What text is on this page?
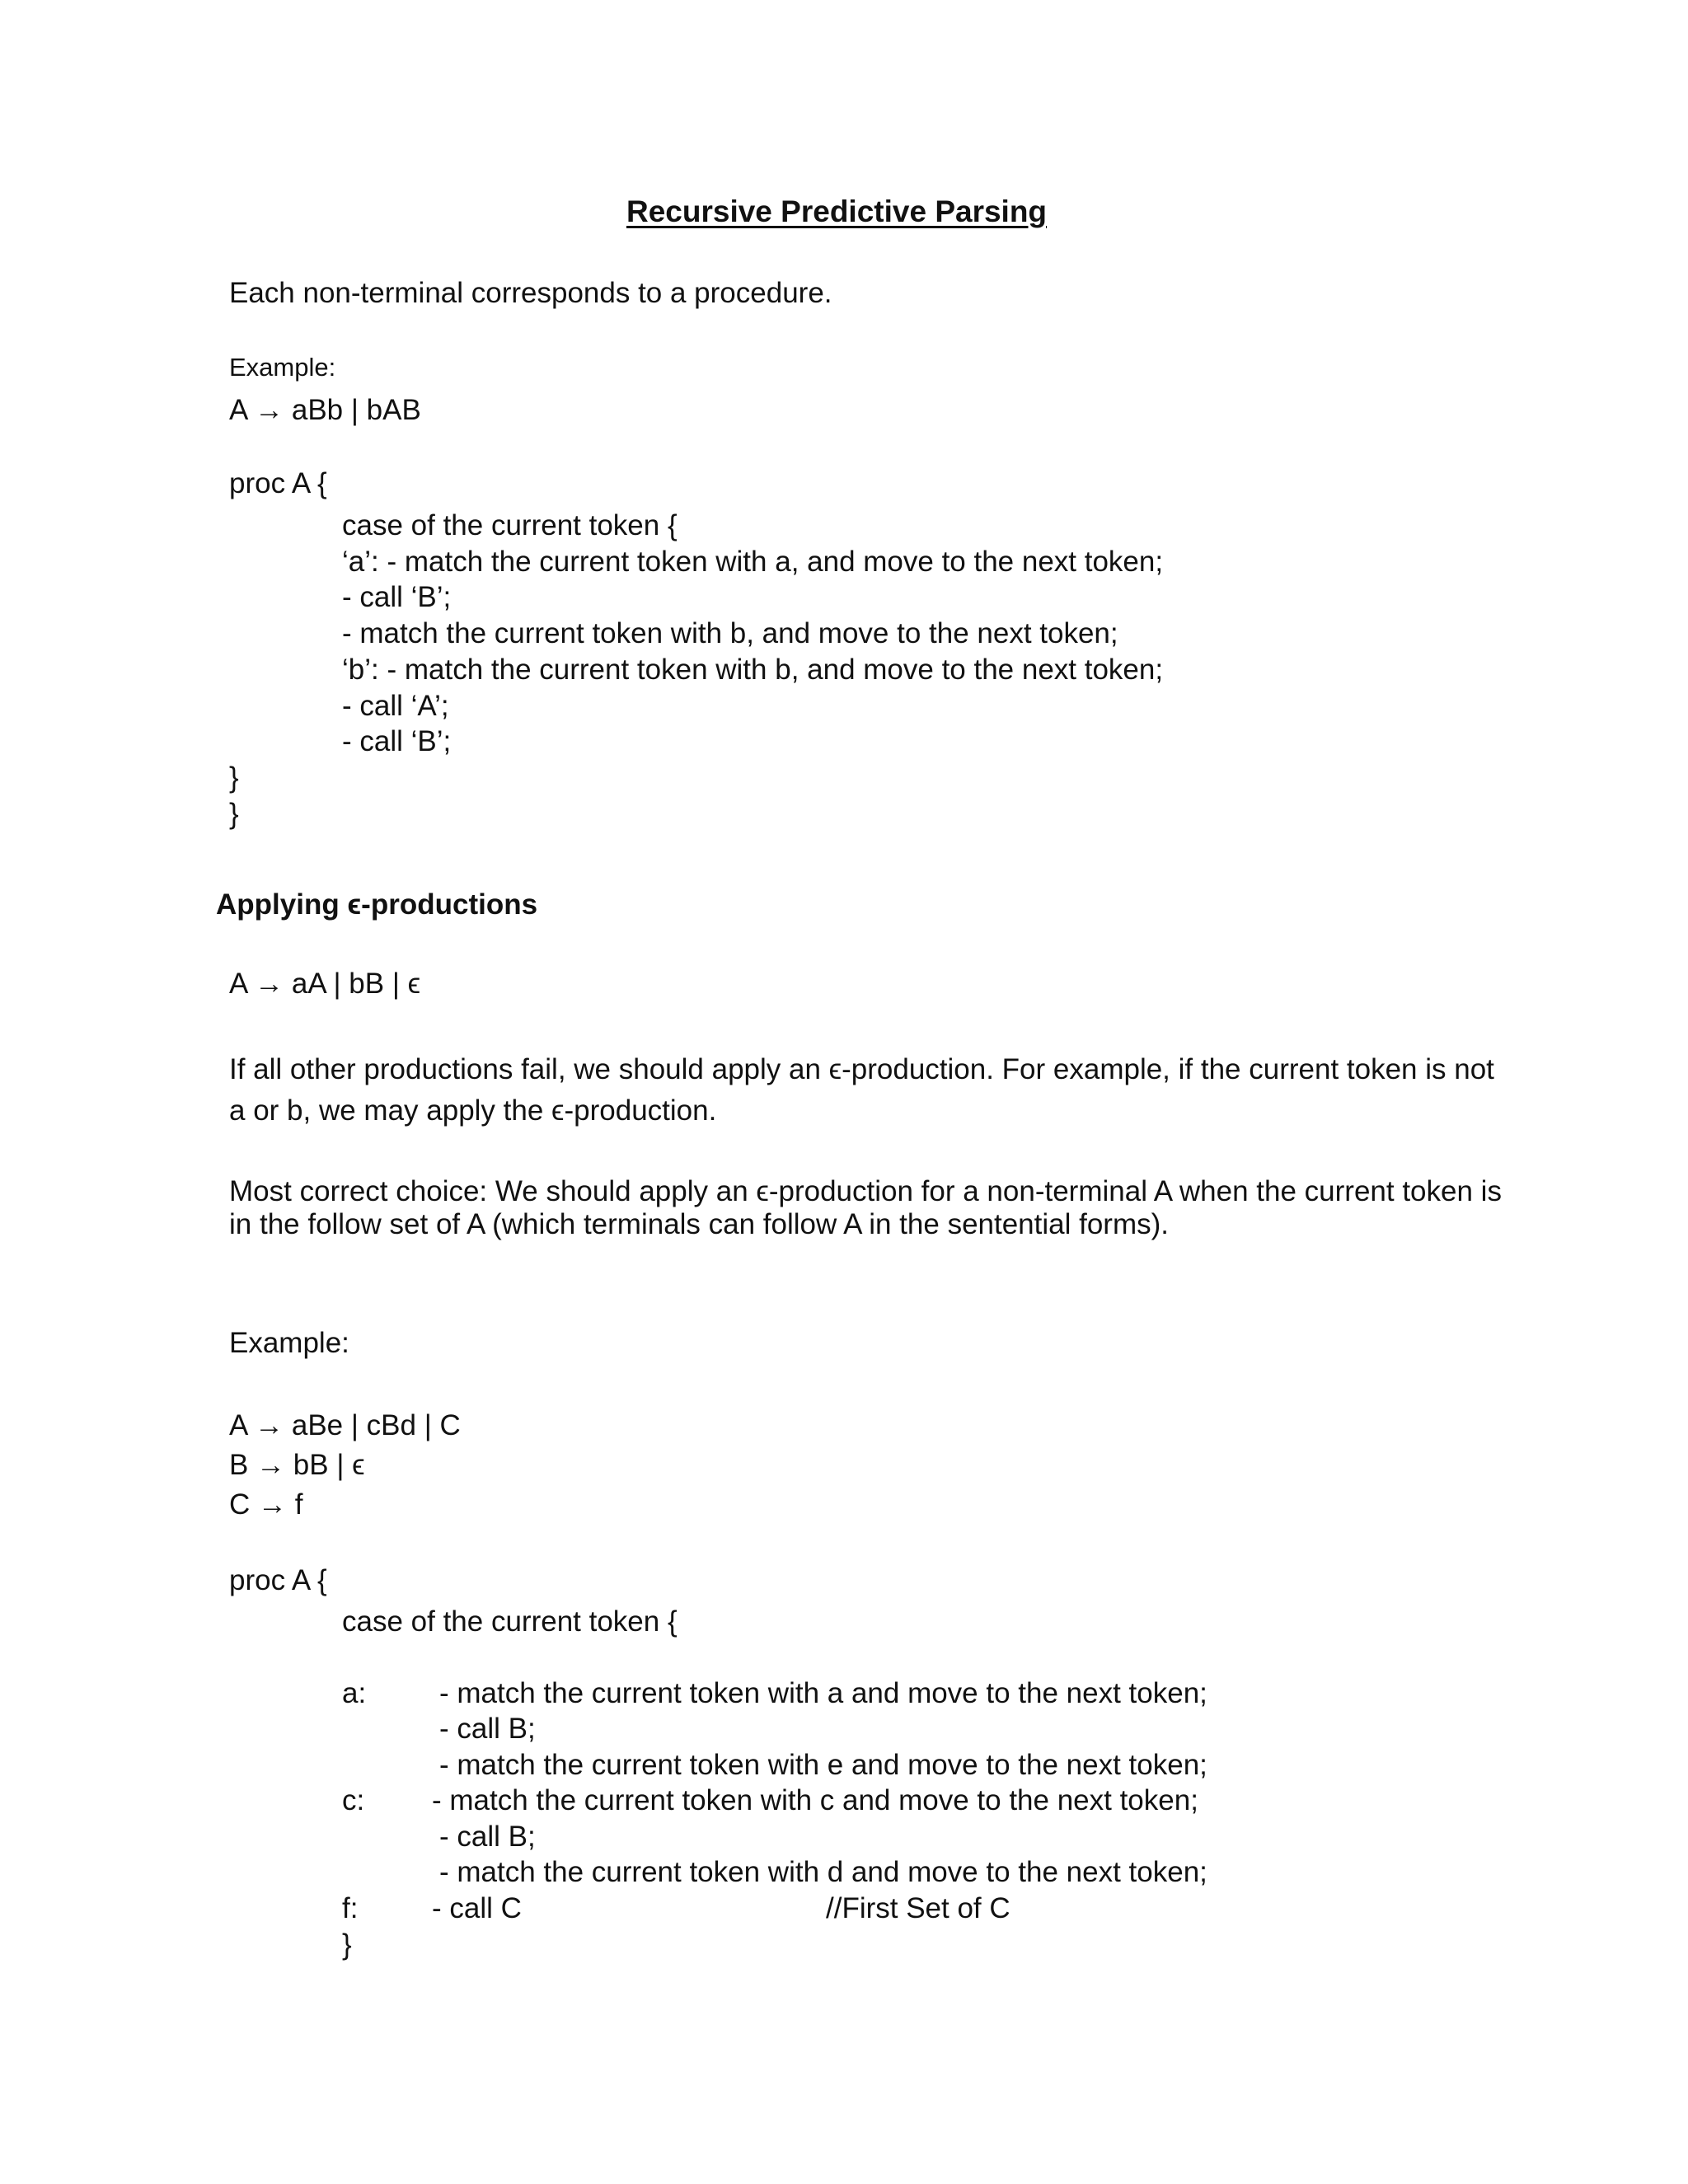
Recursive Predictive Parsing
Each non-terminal corresponds to a procedure.
Example:
A → aBb | bAB
proc A {
case of the current token {
‘a’: - match the current token with a, and move to the next token;
- call ‘B’;
- match the current token with b, and move to the next token;
‘b’: - match the current token with b, and move to the next token;
- call ‘A’;
- call ‘B’;
}
}
Applying ϵ-productions
A → aA | bB | ϵ
If all other productions fail, we should apply an ϵ-production. For example, if the current token is not
a or b, we may apply the ϵ-production.
Most correct choice: We should apply an ϵ-production for a non-terminal A when the current token is
in the follow set of A (which terminals can follow A in the sentential forms).
Example:
A → aBe | cBd | C
B → bB | ϵ
C → f
proc A {
case of the current token {
a:	- match the current token with a and move to the next token;
- call B;
- match the current token with e and move to the next token;
c: - match the current token with c and move to the next token;
- call B;
- match the current token with d and move to the next token;
f:	- call C	//First Set of C
}
